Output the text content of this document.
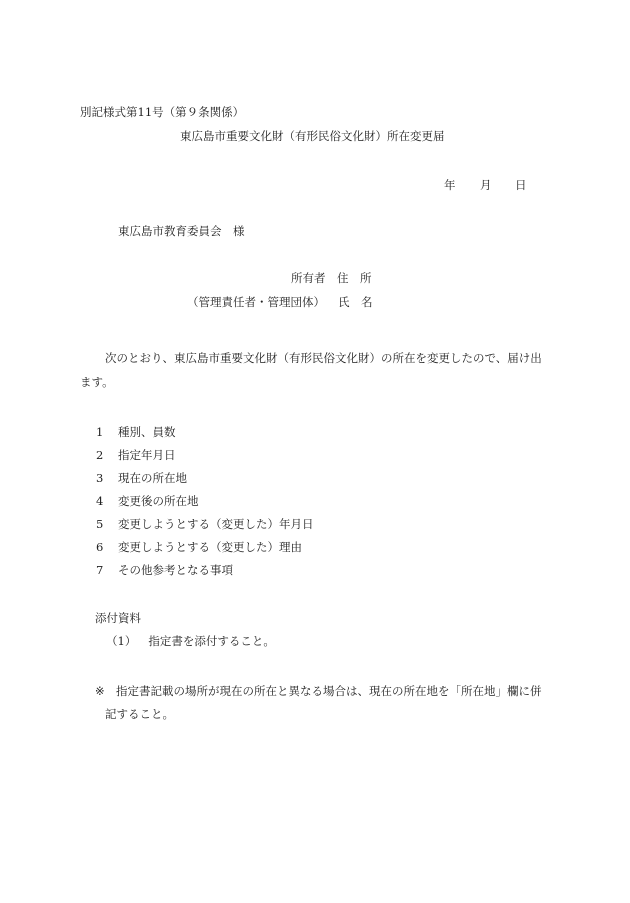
別記様式第11号（第９条関係）
東広島市重要文化財（有形民俗文化財）所在変更届
年 月 日
東広島市教育委員会　様
所有者　住　所
（管理責任者・管理団体） 氏　名
次のとおり、東広島市重要文化財（有形民俗文化財）の所在を変更したので、届け出
ます。
1 種別、員数
2 指定年月日
3 現在の所在地
4 変更後の所在地
5 変更しようとする（変更した）年月日
6 変更しようとする（変更した）理由
7 その他参考となる事項
添付資料
（1） 指定書を添付すること。
※ 指定書記載の場所が現在の所在と異なる場合は、現在の所在地を「所在地」欄に併
記すること。
